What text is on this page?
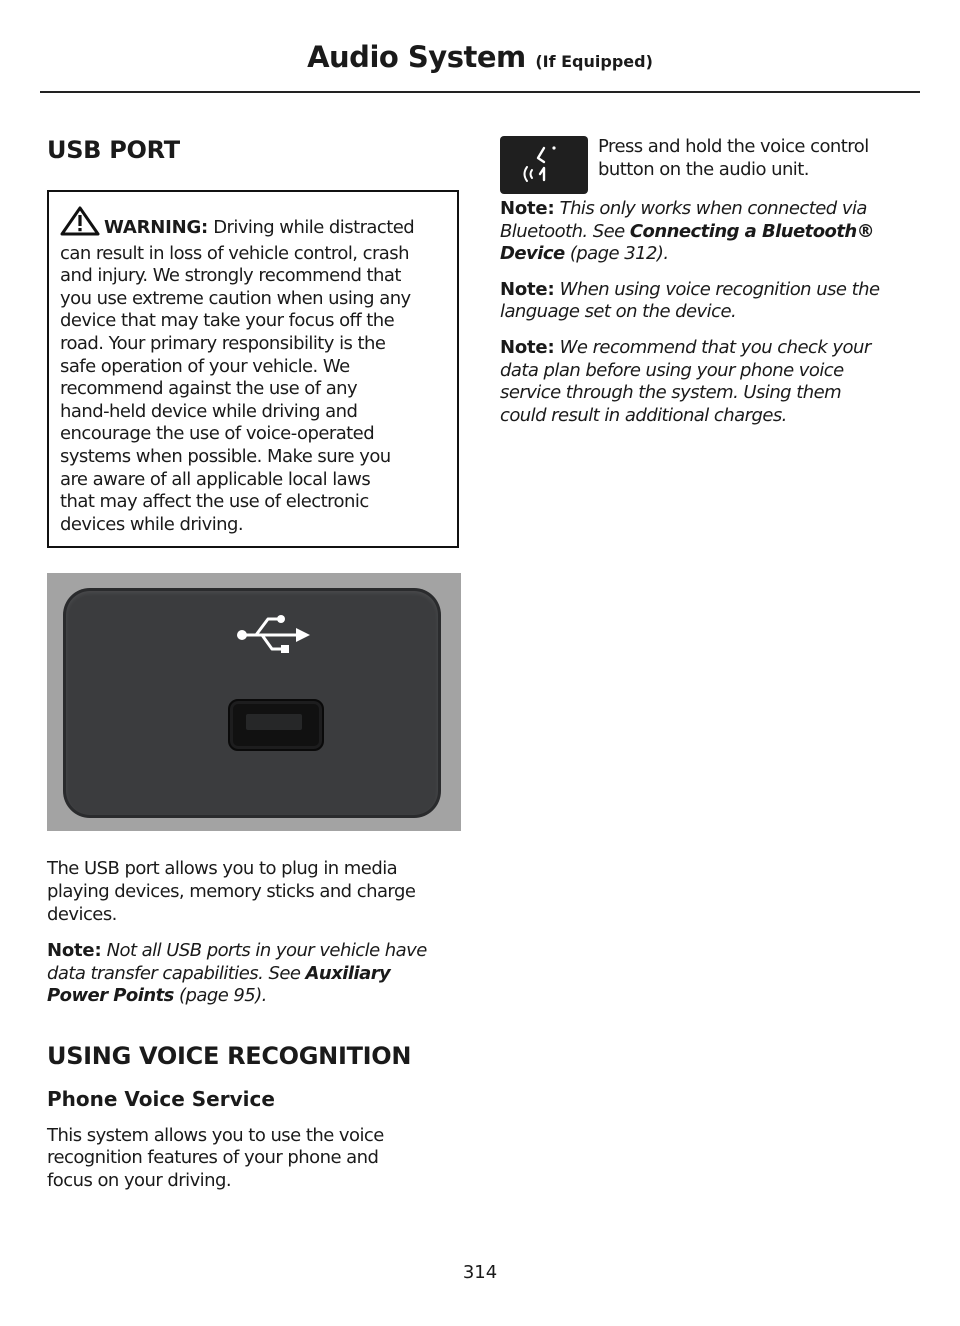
Audio System (If Equipped)
USB PORT
WARNING: Driving while distracted
can result in loss of vehicle control, crash
and injury. We strongly recommend that
you use extreme caution when using any
device that may take your focus off the
road. Your primary responsibility is the
safe operation of your vehicle. We
recommend against the use of any
hand-held device while driving and
encourage the use of voice-operated
systems when possible. Make sure you
are aware of all applicable local laws
that may affect the use of electronic
devices while driving.

The USB port allows you to plug in media

playing devices, memory sticks and charge

devices.

Note: Not all USB ports in your vehicle have

data transfer capabilities. See Auxiliary

Power Points (page 95).

USING VOICE RECOGNITION
Phone Voice Service

This system allows you to use the voice

recognition features of your phone and

focus on your driving.

Press and hold the voice control
button on the audio unit.

Note: This only works when connected via

Bluetooth. See Connecting a Bluetooth®

Device (page 312).

Note: When using voice recognition use the

language set on the device.

Note: We recommend that you check your

data plan before using your phone voice

service through the system. Using them

could result in additional charges.

314
